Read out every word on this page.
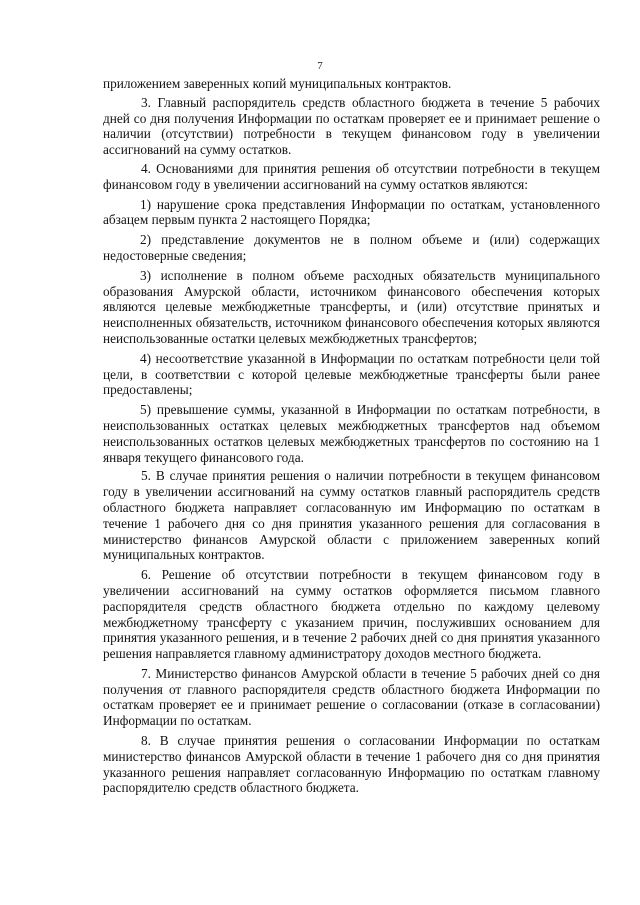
7

приложением заверенных копий муниципальных контрактов.

3. Главный распорядитель средств областного бюджета в течение 5 рабочих дней со дня получения Информации по остаткам проверяет ее и принимает решение о наличии (отсутствии) потребности в текущем финансовом году в увеличении ассигнований на сумму остатков.

4. Основаниями для принятия решения об отсутствии потребности в текущем финансовом году в увеличении ассигнований на сумму остатков являются:

1) нарушение срока представления Информации по остаткам, установленного абзацем первым пункта 2 настоящего Порядка;

2) представление документов не в полном объеме и (или) содержащих недостоверные сведения;

3) исполнение в полном объеме расходных обязательств муниципального образования Амурской области, источником финансового обеспечения которых являются целевые межбюджетные трансферты, и (или) отсутствие принятых и неисполненных обязательств, источником финансового обеспечения которых являются неиспользованные остатки целевых межбюджетных трансфертов;

4) несоответствие указанной в Информации по остаткам потребности цели той цели, в соответствии с которой целевые межбюджетные трансферты были ранее предоставлены;

5) превышение суммы, указанной в Информации по остаткам потребности, в неиспользованных остатках целевых межбюджетных трансфертов над объемом неиспользованных остатков целевых межбюджетных трансфертов по состоянию на 1 января текущего финансового года.

5. В случае принятия решения о наличии потребности в текущем финансовом году в увеличении ассигнований на сумму остатков главный распорядитель средств областного бюджета направляет согласованную им Информацию по остаткам в течение 1 рабочего дня со дня принятия указанного решения для согласования в министерство финансов Амурской области с приложением заверенных копий муниципальных контрактов.

6. Решение об отсутствии потребности в текущем финансовом году в увеличении ассигнований на сумму остатков оформляется письмом главного распорядителя средств областного бюджета отдельно по каждому целевому межбюджетному трансферту с указанием причин, послуживших основанием для принятия указанного решения, и в течение 2 рабочих дней со дня принятия указанного решения направляется главному администратору доходов местного бюджета.

7. Министерство финансов Амурской области в течение 5 рабочих дней со дня получения от главного распорядителя средств областного бюджета Информации по остаткам проверяет ее и принимает решение о согласовании (отказе в согласовании) Информации по остаткам.

8. В случае принятия решения о согласовании Информации по остаткам министерство финансов Амурской области в течение 1 рабочего дня со дня принятия указанного решения направляет согласованную Информацию по остаткам главному распорядителю средств областного бюджета.
